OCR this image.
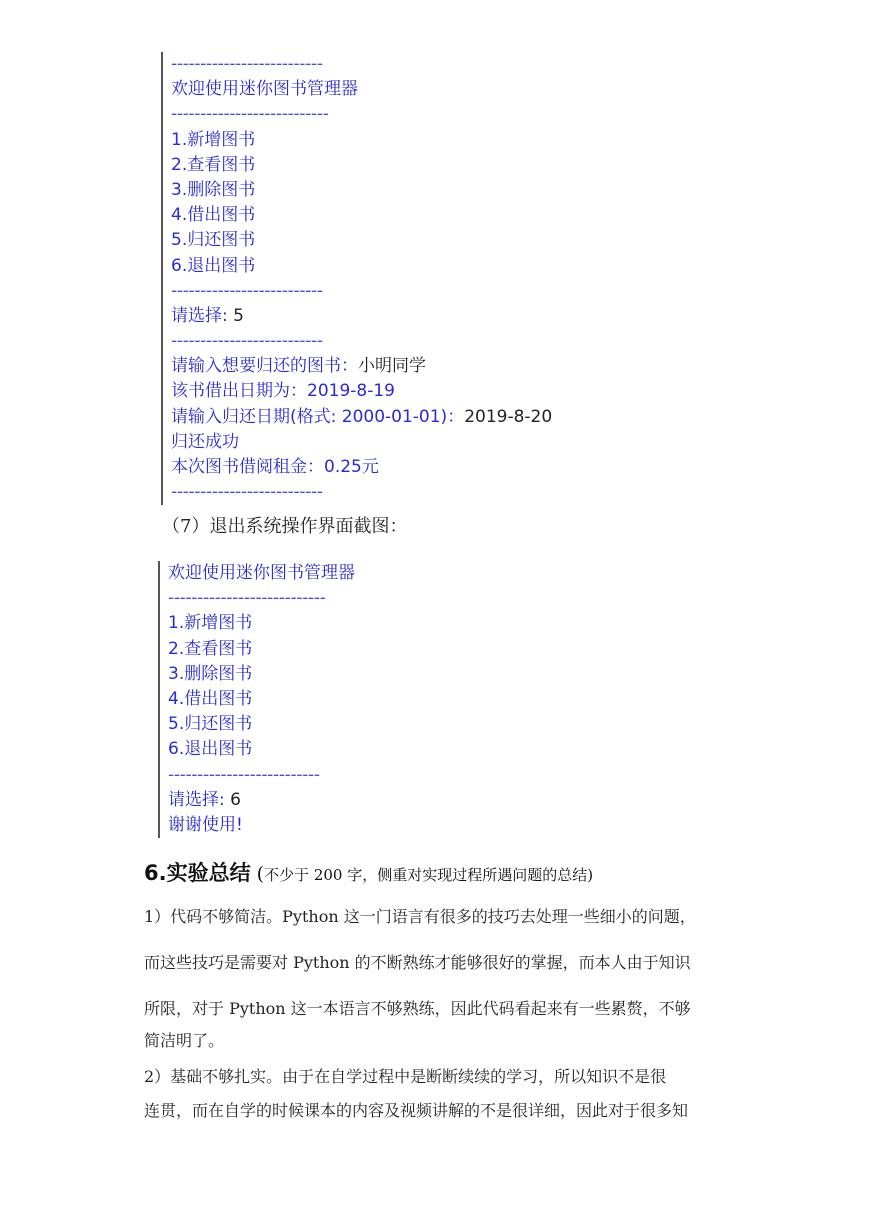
--------------------------
欢迎使用迷你图书管理器
---------------------------
1.新增图书
2.查看图书
3.删除图书
4.借出图书
5.归还图书
6.退出图书
--------------------------
请选择: 5
--------------------------
请输入想要归还的图书：小明同学
该书借出日期为：2019-8-19
请输入归还日期(格式: 2000-01-01)：2019-8-20
归还成功
本次图书借阅租金：0.25元
--------------------------
（7）退出系统操作界面截图：
欢迎使用迷你图书管理器
---------------------------
1.新增图书
2.查看图书
3.删除图书
4.借出图书
5.归还图书
6.退出图书
--------------------------
请选择: 6
谢谢使用!
6.实验总结 (不少于 200 字，侧重对实现过程所遇问题的总结)
1）代码不够简洁。Python 这一门语言有很多的技巧去处理一些细小的问题，
而这些技巧是需要对 Python 的不断熟练才能够很好的掌握，而本人由于知识
所限，对于 Python 这一本语言不够熟练，因此代码看起来有一些累赘，不够
简洁明了。
2）基础不够扎实。由于在自学过程中是断断续续的学习，所以知识不是很
连贯，而在自学的时候课本的内容及视频讲解的不是很详细，因此对于很多知
